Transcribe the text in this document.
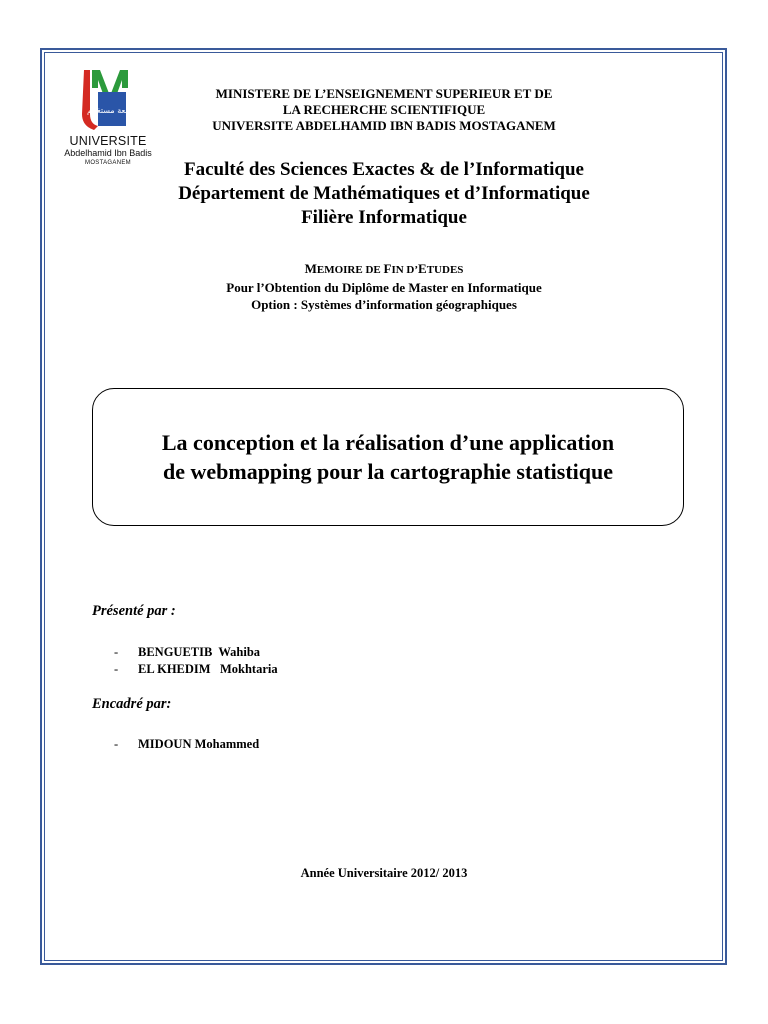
جامعة مستغانم
UNIVERSITE
Abdelhamid Ibn Badis
MOSTAGANEM
MINISTERE DE L’ENSEIGNEMENT SUPERIEUR ET DE
LA RECHERCHE SCIENTIFIQUE
UNIVERSITE ABDELHAMID IBN BADIS MOSTAGANEM
Faculté des Sciences Exactes & de l’Informatique
Département de Mathématiques et d’Informatique
Filière Informatique
MEMOIRE DE FIN D’ETUDES
Pour l’Obtention du Diplôme de Master en Informatique
Option : Systèmes d’information géographiques
La conception et la réalisation d’une application
de webmapping pour la cartographie statistique
Présenté par :
- BENGUETIB  Wahiba
- EL KHEDIM   Mokhtaria
Encadré par:
- MIDOUN Mohammed
Année Universitaire 2012/ 2013
